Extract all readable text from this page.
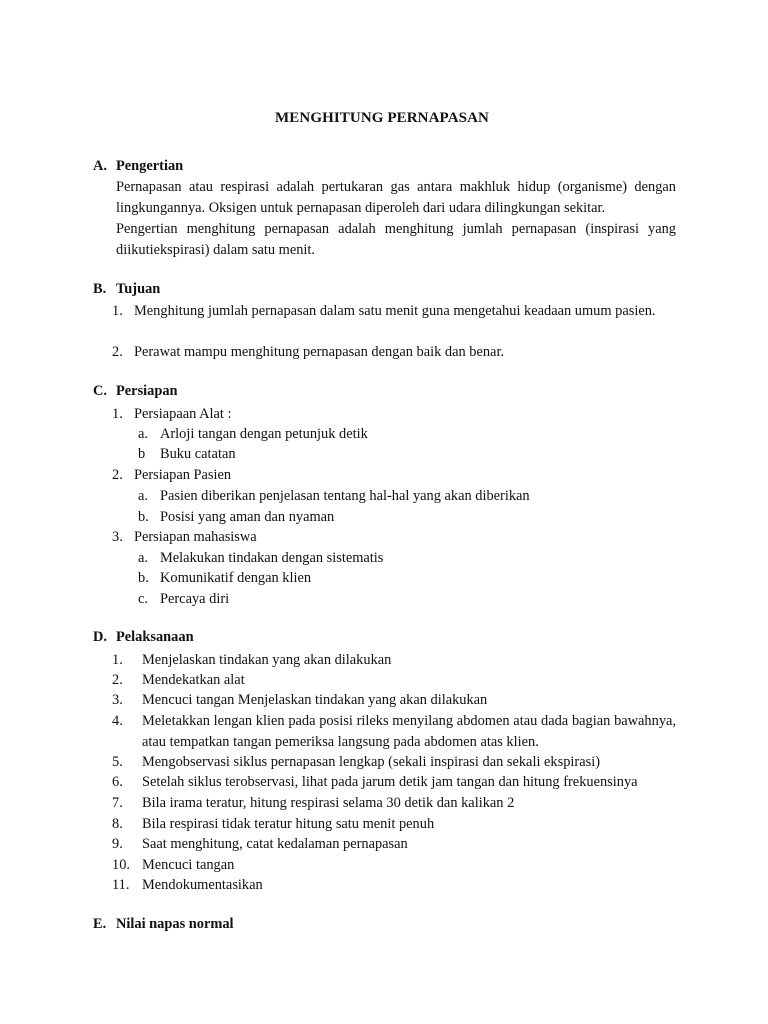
MENGHITUNG PERNAPASAN
A. Pengertian
Pernapasan atau respirasi adalah pertukaran gas antara makhluk hidup (organisme) dengan lingkungannya. Oksigen untuk pernapasan diperoleh dari udara dilingkungan sekitar.
Pengertian menghitung pernapasan adalah menghitung jumlah pernapasan (inspirasi yang diikutiekspirasi) dalam satu menit.
B. Tujuan
1. Menghitung jumlah pernapasan dalam satu menit guna mengetahui keadaan umum pasien.
2. Perawat mampu menghitung pernapasan dengan baik dan benar.
C. Persiapan
1. Persiapaan Alat :
a. Arloji tangan dengan petunjuk detik
b Buku catatan
2. Persiapan Pasien
a. Pasien diberikan penjelasan tentang hal-hal yang akan diberikan
b. Posisi yang aman dan nyaman
3. Persiapan mahasiswa
a. Melakukan tindakan dengan sistematis
b. Komunikatif dengan klien
c. Percaya diri
D. Pelaksanaan
1. Menjelaskan tindakan yang akan dilakukan
2. Mendekatkan alat
3. Mencuci tangan Menjelaskan tindakan yang akan dilakukan
4. Meletakkan lengan klien pada posisi rileks menyilang abdomen atau dada bagian bawahnya, atau tempatkan tangan pemeriksa langsung pada abdomen atas klien.
5. Mengobservasi siklus pernapasan lengkap (sekali inspirasi dan sekali ekspirasi)
6. Setelah siklus terobservasi, lihat pada jarum detik jam tangan dan hitung frekuensinya
7. Bila irama teratur, hitung respirasi selama 30 detik dan kalikan 2
8. Bila respirasi tidak teratur hitung satu menit penuh
9. Saat menghitung, catat kedalaman pernapasan
10. Mencuci tangan
11. Mendokumentasikan
E. Nilai napas normal
